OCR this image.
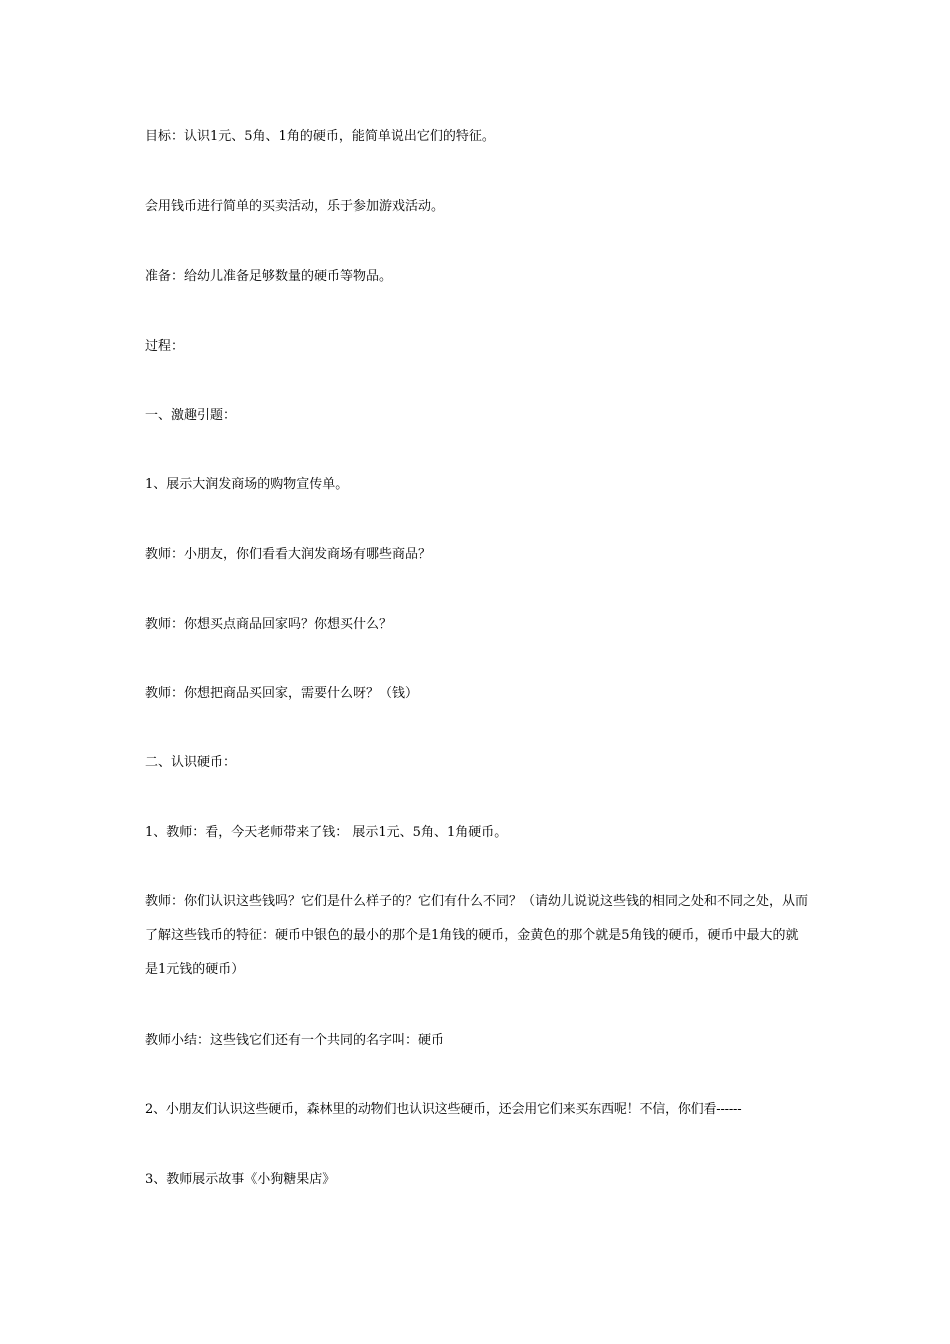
目标：认识1元、5角、1角的硬币，能简单说出它们的特征。

会用钱币进行简单的买卖活动，乐于参加游戏活动。

准备：给幼儿准备足够数量的硬币等物品。

过程：

一、激趣引题：

1、展示大润发商场的购物宣传单。

教师：小朋友，你们看看大润发商场有哪些商品？

教师：你想买点商品回家吗？你想买什么？

教师：你想把商品买回家，需要什么呀？（钱）

二、认识硬币：

1、教师：看，今天老师带来了钱： 展示1元、5角、1角硬币。

教师：你们认识这些钱吗？它们是什么样子的？它们有什么不同？（请幼儿说说这些钱的相同之处和不同之处，从而了解这些钱币的特征：硬币中银色的最小的那个是1角钱的硬币，金黄色的那个就是5角钱的硬币，硬币中最大的就是1元钱的硬币）

教师小结：这些钱它们还有一个共同的名字叫：硬币

2、小朋友们认识这些硬币，森林里的动物们也认识这些硬币，还会用它们来买东西呢！不信，你们看------

3、教师展示故事《小狗糖果店》
